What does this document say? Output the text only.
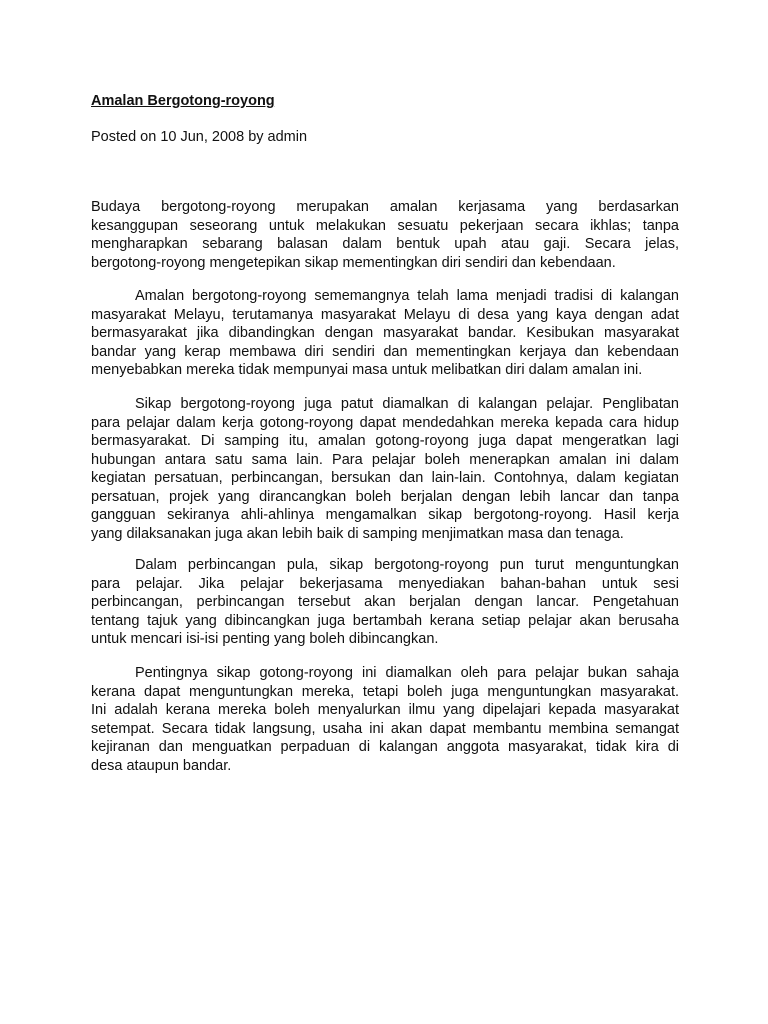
Amalan Bergotong-royong
Posted on 10 Jun, 2008 by admin
Budaya bergotong-royong merupakan amalan kerjasama yang berdasarkan
kesanggupan seseorang untuk melakukan sesuatu pekerjaan secara ikhlas; tanpa
mengharapkan sebarang balasan dalam bentuk upah atau gaji. Secara jelas,
bergotong-royong mengetepikan sikap mementingkan diri sendiri dan kebendaan.
Amalan bergotong-royong sememangnya telah lama menjadi tradisi di kalangan
masyarakat Melayu, terutamanya masyarakat Melayu di desa yang kaya dengan adat
bermasyarakat jika dibandingkan dengan masyarakat bandar. Kesibukan masyarakat
bandar yang kerap membawa diri sendiri dan mementingkan kerjaya dan kebendaan
menyebabkan mereka tidak mempunyai masa untuk melibatkan diri dalam amalan ini.
Sikap bergotong-royong juga patut diamalkan di kalangan pelajar. Penglibatan
para pelajar dalam kerja gotong-royong dapat mendedahkan mereka kepada cara hidup
bermasyarakat. Di samping itu, amalan gotong-royong juga dapat mengeratkan lagi
hubungan antara satu sama lain. Para pelajar boleh menerapkan amalan ini dalam
kegiatan persatuan, perbincangan, bersukan dan lain-lain. Contohnya, dalam kegiatan
persatuan, projek yang dirancangkan boleh berjalan dengan lebih lancar dan tanpa
gangguan sekiranya ahli-ahlinya mengamalkan sikap bergotong-royong. Hasil kerja
yang dilaksanakan juga akan lebih baik di samping menjimatkan masa dan tenaga.
Dalam perbincangan pula, sikap bergotong-royong pun turut menguntungkan
para pelajar. Jika pelajar bekerjasama menyediakan bahan-bahan untuk sesi
perbincangan, perbincangan tersebut akan berjalan dengan lancar. Pengetahuan
tentang tajuk yang dibincangkan juga bertambah kerana setiap pelajar akan berusaha
untuk mencari isi-isi penting yang boleh dibincangkan.
Pentingnya sikap gotong-royong ini diamalkan oleh para pelajar bukan sahaja
kerana dapat menguntungkan mereka, tetapi boleh juga menguntungkan masyarakat.
Ini adalah kerana mereka boleh menyalurkan ilmu yang dipelajari kepada masyarakat
setempat. Secara tidak langsung, usaha ini akan dapat membantu membina semangat
kejiranan dan menguatkan perpaduan di kalangan anggota masyarakat, tidak kira di
desa ataupun bandar.
